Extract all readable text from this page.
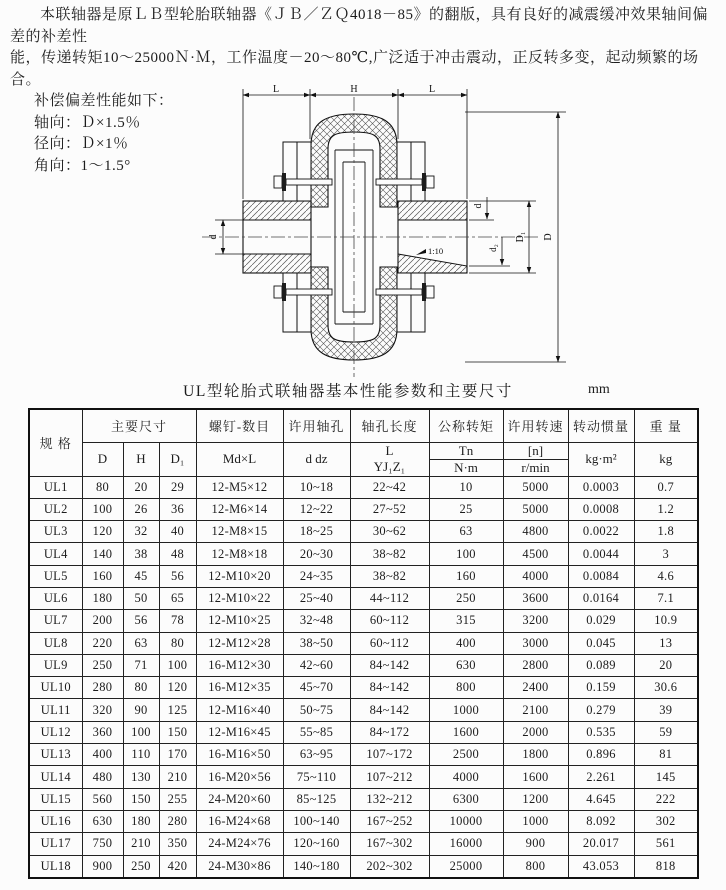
本联轴器是原ＬＢ型轮胎联轴器《ＪＢ／ＺＱ4018－85》的翻版，具有良好的减震缓冲效果轴间偏差的补差性
能，传递转矩10～25000Ｎ·Ｍ，工作温度－20～80℃,广泛适于冲击震动，正反转多变，起动频繁的场合。
补偿偏差性能如下：
轴向：Ｄ×1.5％
径向：Ｄ×1％
角向：1～1.5°
L	H	L
d
d
d₂
D₁ D
1:10
UL型轮胎式联轴器基本性能参数和主要尺寸	mm
规 格	主要尺寸			螺钉-数目	许用轴孔	轴孔长度	公称转矩	许用转速	转动惯量	重 量
	D	H	D₁	Md×L	d dz	L
YJ₁Z₁	Tn	[n]	kg·m²	kg
							N·m	r/min		
UL1	80	20	29	12-M5×12	10~18	22~42	10	5000	0.0003	0.7
UL2	100	26	36	12-M6×14	12~22	27~52	25	5000	0.0008	1.2
UL3	120	32	40	12-M8×15	18~25	30~62	63	4800	0.0022	1.8
UL4	140	38	48	12-M8×18	20~30	38~82	100	4500	0.0044	3
UL5	160	45	56	12-M10×20	24~35	38~82	160	4000	0.0084	4.6
UL6	180	50	65	12-M10×22	25~40	44~112	250	3600	0.0164	7.1
UL7	200	56	78	12-M10×25	32~48	60~112	315	3200	0.029	10.9
UL8	220	63	80	12-M12×28	38~50	60~112	400	3000	0.045	13
UL9	250	71	100	16-M12×30	42~60	84~142	630	2800	0.089	20
UL10	280	80	120	16-M12×35	45~70	84~142	800	2400	0.159	30.6
UL11	320	90	125	12-M16×40	50~75	84~142	1000	2100	0.279	39
UL12	360	100	150	12-M16×45	55~85	84~172	1600	2000	0.535	59
UL13	400	110	170	16-M16×50	63~95	107~172	2500	1800	0.896	81
UL14	480	130	210	16-M20×56	75~110	107~212	4000	1600	2.261	145
UL15	560	150	255	24-M20×60	85~125	132~212	6300	1200	4.645	222
UL16	630	180	280	16-M24×68	100~140	167~252	10000	1000	8.092	302
UL17	750	210	350	24-M24×76	120~160	167~302	16000	900	20.017	561
UL18	900	250	420	24-M30×86	140~180	202~302	25000	800	43.053	818
